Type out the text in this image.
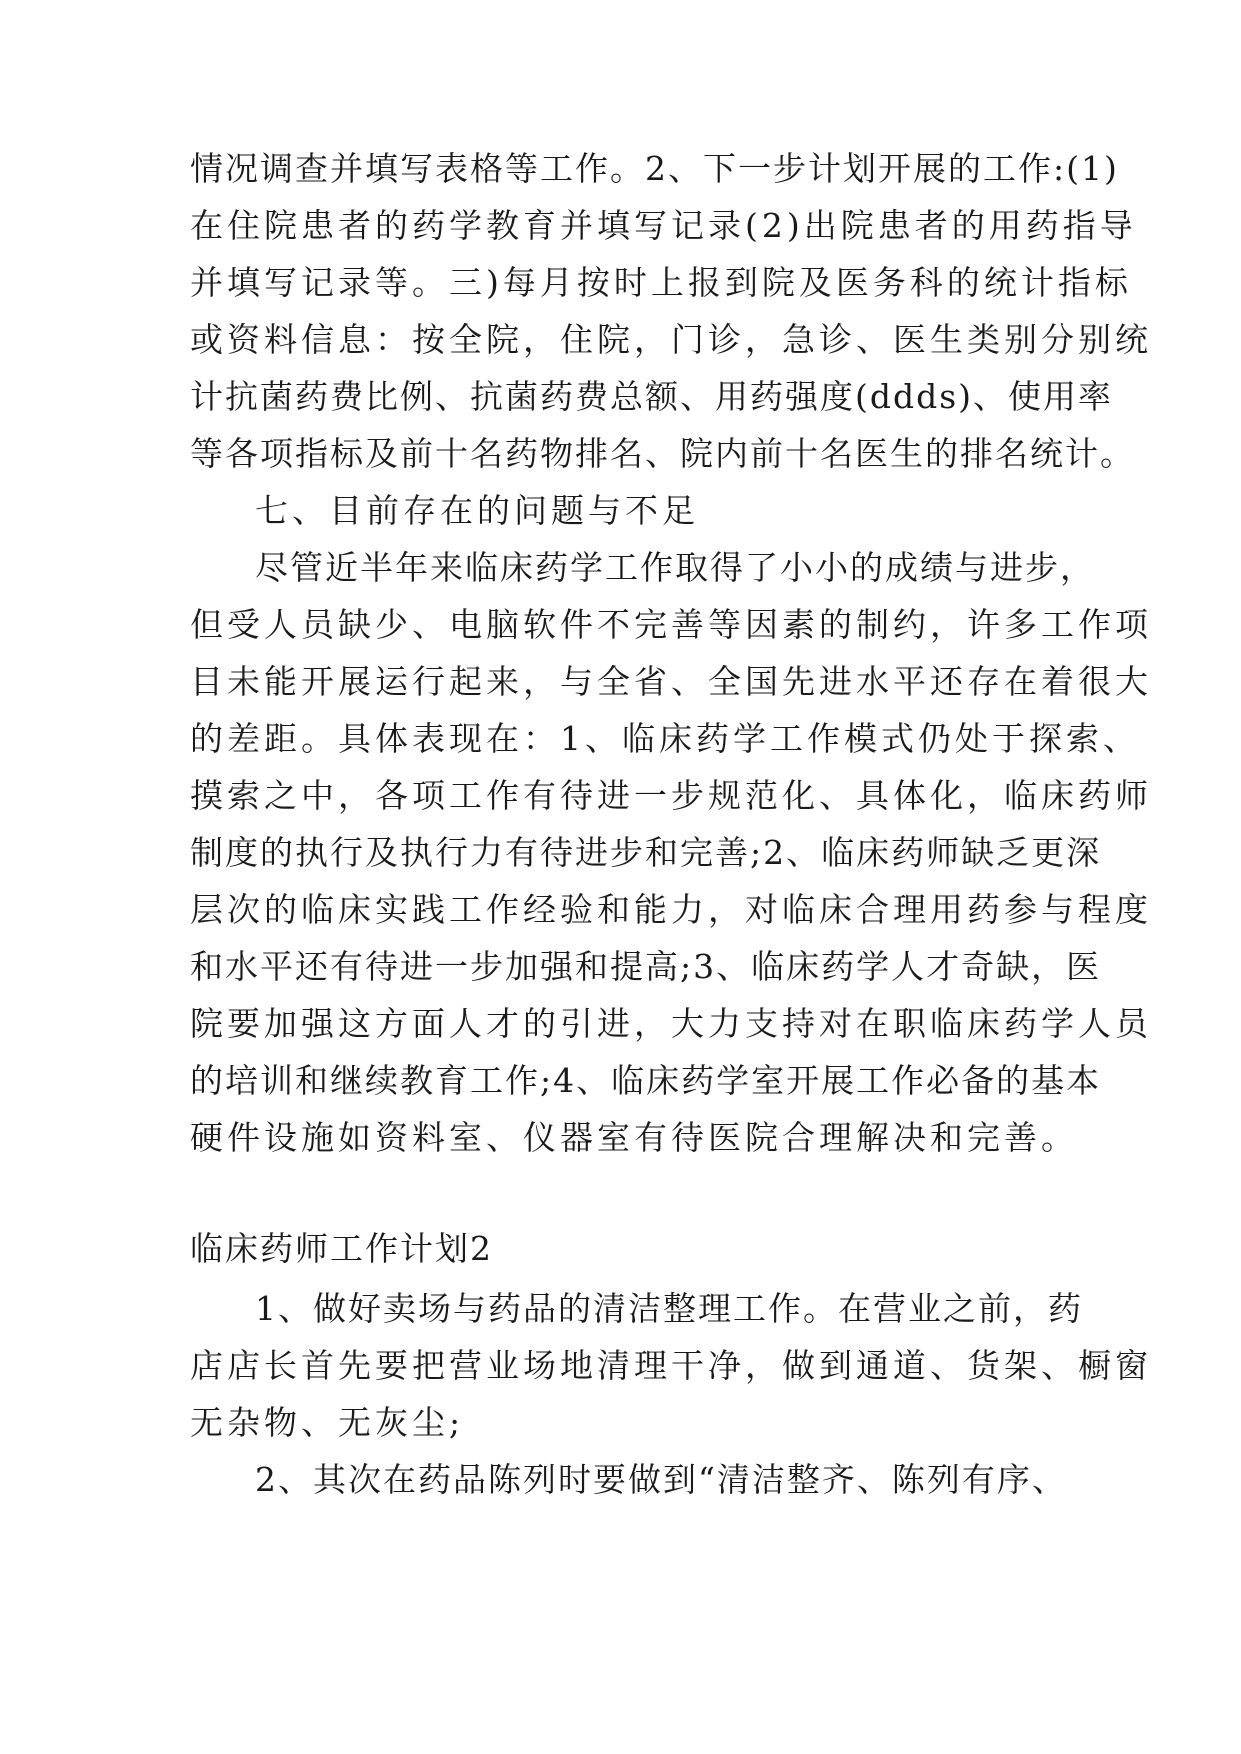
情况调查并填写表格等工作。2、下一步计划开展的工作:(1)
在住院患者的药学教育并填写记录(2)出院患者的用药指导
并填写记录等。三)每月按时上报到院及医务科的统计指标
或资料信息：按全院，住院，门诊，急诊、医生类别分别统
计抗菌药费比例、抗菌药费总额、用药强度(ddds)、使用率
等各项指标及前十名药物排名、院内前十名医生的排名统计。
七、目前存在的问题与不足
尽管近半年来临床药学工作取得了小小的成绩与进步，
但受人员缺少、电脑软件不完善等因素的制约，许多工作项
目未能开展运行起来，与全省、全国先进水平还存在着很大
的差距。具体表现在：1、临床药学工作模式仍处于探索、
摸索之中，各项工作有待进一步规范化、具体化，临床药师
制度的执行及执行力有待进步和完善;2、临床药师缺乏更深
层次的临床实践工作经验和能力，对临床合理用药参与程度
和水平还有待进一步加强和提高;3、临床药学人才奇缺，医
院要加强这方面人才的引进，大力支持对在职临床药学人员
的培训和继续教育工作;4、临床药学室开展工作必备的基本
硬件设施如资料室、仪器室有待医院合理解决和完善。
临床药师工作计划2
1、做好卖场与药品的清洁整理工作。在营业之前，药
店店长首先要把营业场地清理干净，做到通道、货架、橱窗
无杂物、无灰尘;
2、其次在药品陈列时要做到“清洁整齐、陈列有序、
